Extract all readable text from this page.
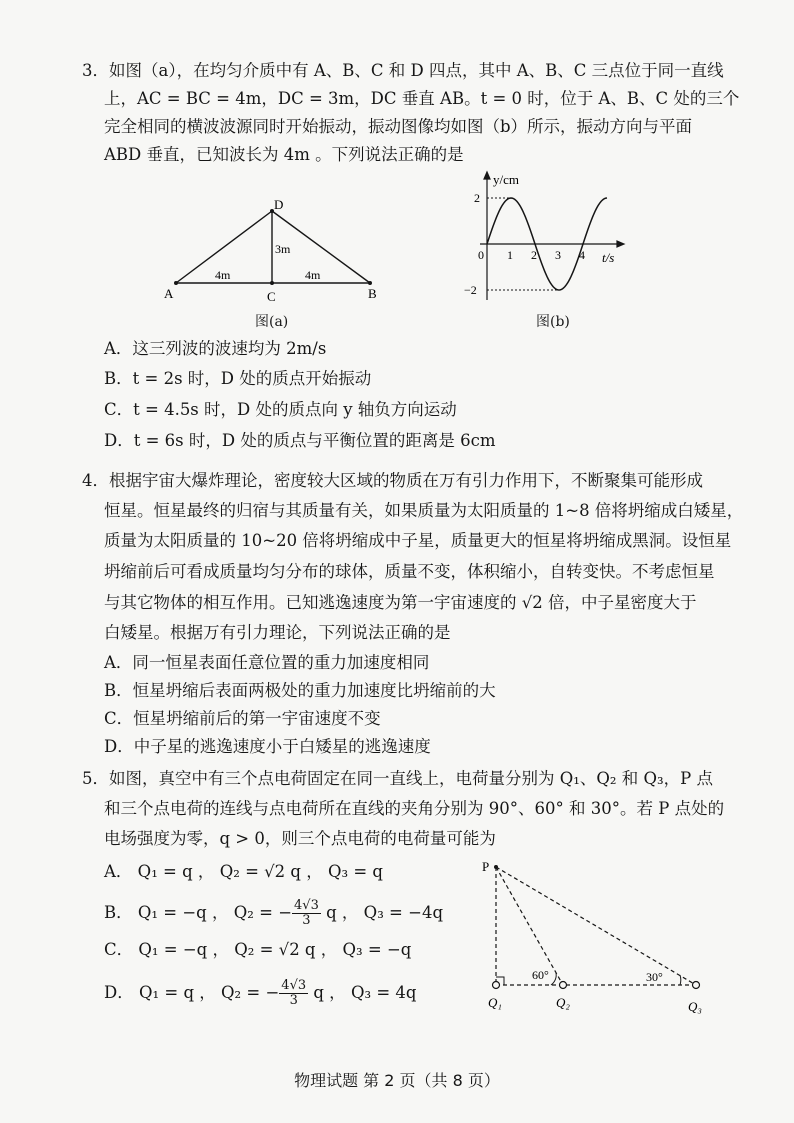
3．如图（a），在均匀介质中有 A、B、C 和 D 四点，其中 A、B、C 三点位于同一直线
上，AC = BC = 4m，DC = 3m，DC 垂直 AB。t = 0 时，位于 A、B、C 处的三个
完全相同的横波波源同时开始振动，振动图像均如图（b）所示，振动方向与平面
ABD 垂直，已知波长为 4m 。下列说法正确的是
A	B
C
D
4m	4m
3m
图(a)
y/cm
t/s
0
2
−2
1 2 3 4
图(b)
A．这三列波的波速均为 2m/s
B．t = 2s 时，D 处的质点开始振动
C．t = 4.5s 时，D 处的质点向 y 轴负方向运动
D．t = 6s 时，D 处的质点与平衡位置的距离是 6cm
4．根据宇宙大爆炸理论，密度较大区域的物质在万有引力作用下，不断聚集可能形成
恒星。恒星最终的归宿与其质量有关，如果质量为太阳质量的 1~8 倍将坍缩成白矮星，
质量为太阳质量的 10~20 倍将坍缩成中子星，质量更大的恒星将坍缩成黑洞。设恒星
坍缩前后可看成质量均匀分布的球体，质量不变，体积缩小，自转变快。不考虑恒星
与其它物体的相互作用。已知逃逸速度为第一宇宙速度的 √2 倍，中子星密度大于
白矮星。根据万有引力理论，下列说法正确的是
A．同一恒星表面任意位置的重力加速度相同
B．恒星坍缩后表面两极处的重力加速度比坍缩前的大
C．恒星坍缩前后的第一宇宙速度不变
D．中子星的逃逸速度小于白矮星的逃逸速度
5．如图，真空中有三个点电荷固定在同一直线上，电荷量分别为 Q₁、Q₂ 和 Q₃，P 点
和三个点电荷的连线与点电荷所在直线的夹角分别为 90°、60° 和 30°。若 P 点处的
电场强度为零，q > 0，则三个点电荷的电荷量可能为
A． Q₁ = q ， Q₂ = √2 q ， Q₃ = q
B． Q₁ = −q ， Q₂ = − $\frac{4√3}{3}$ q ， Q₃ = −4q
C． Q₁ = −q ， Q₂ = √2 q ， Q₃ = −q
D． Q₁ = q ， Q₂ = − $\frac{4√3}{3}$ q ， Q₃ = 4q
P
60°	30°
Q₁	Q₂	Q₃
物理试题 第 2 页（共 8 页）
